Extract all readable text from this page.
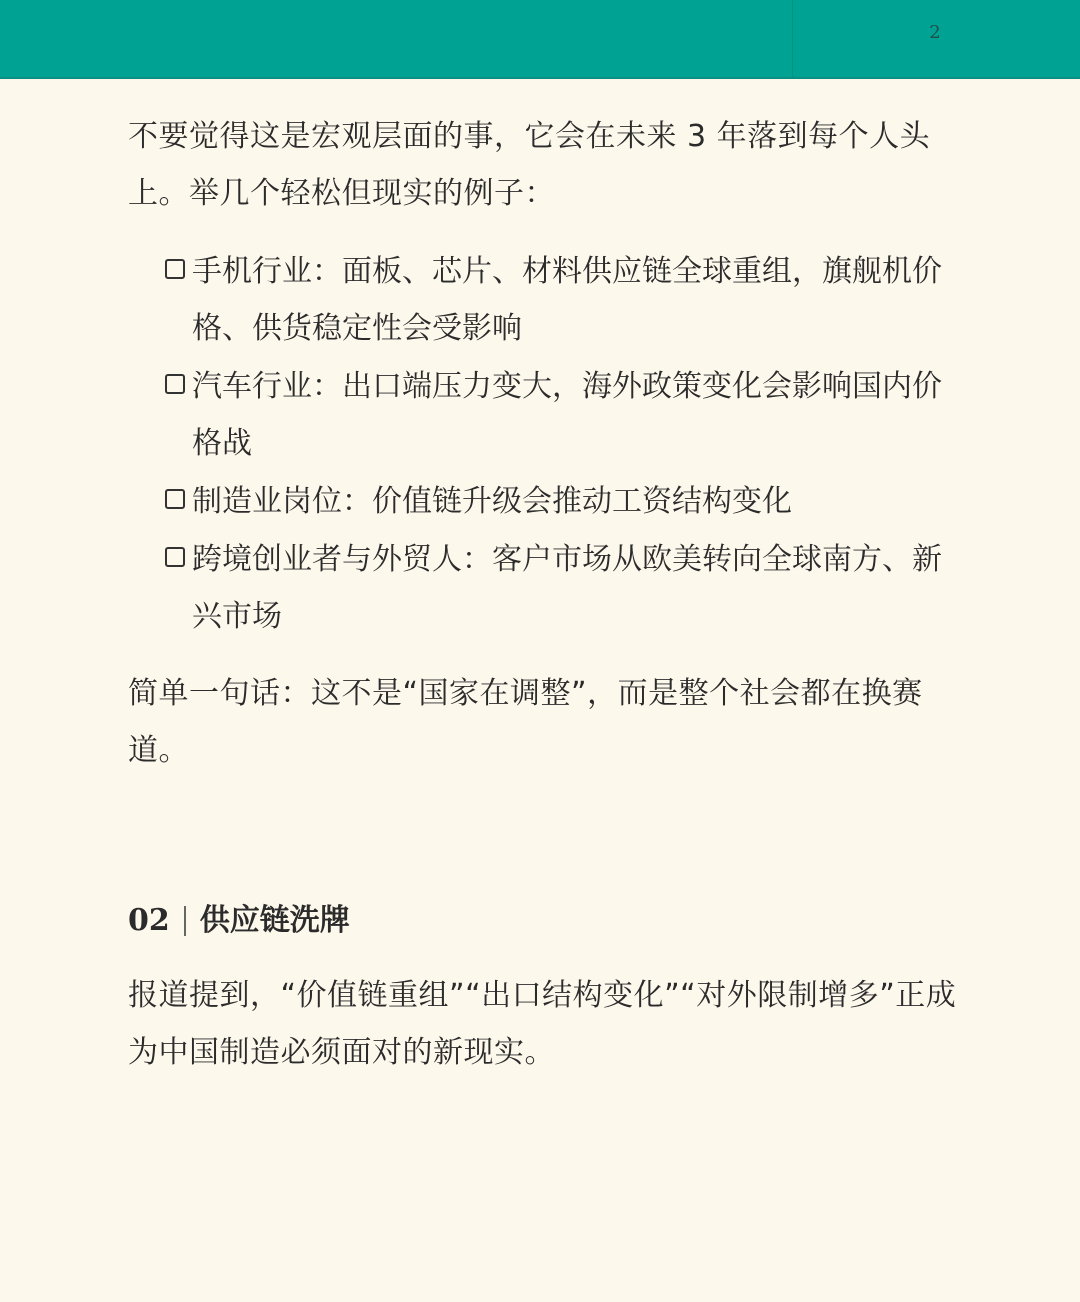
2

不要觉得这是宏观层面的事，它会在未来 3 年落到每个人头上。举几个轻松但现实的例子：

手机行业：面板、芯片、材料供应链全球重组，旗舰机价格、供货稳定性会受影响
汽车行业：出口端压力变大，海外政策变化会影响国内价格战
制造业岗位：价值链升级会推动工资结构变化
跨境创业者与外贸人：客户市场从欧美转向全球南方、新兴市场

简单一句话：这不是“国家在调整”，而是整个社会都在换赛道。

02 供应链洗牌

报道提到，“价值链重组”“出口结构变化”“对外限制增多”正成为中国制造必须面对的新现实。
